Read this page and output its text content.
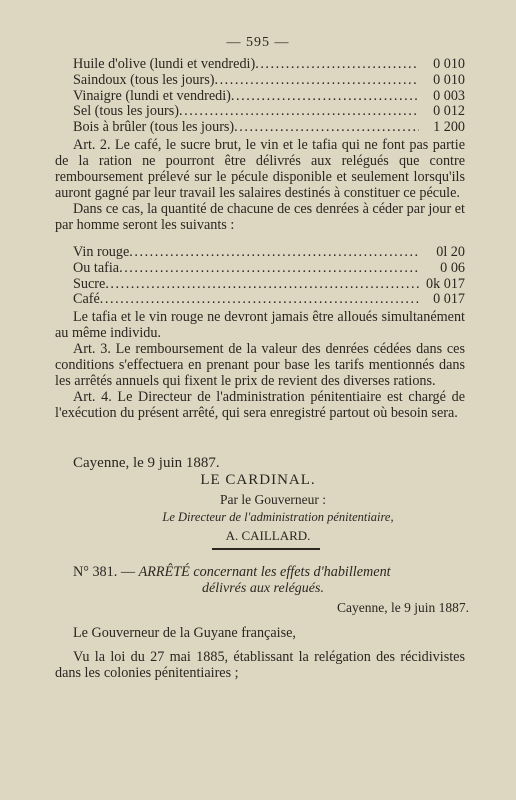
— 595 —
Huile d'olive (lundi et vendredi) . . .	0 010
Saindoux (tous les jours) . . .	0 010
Vinaigre (lundi et vendredi) . . .	0 003
Sel (tous les jours) . . .	0 012
Bois à brûler (tous les jours) . . .	1 200

Art. 2. Le café, le sucre brut, le vin et le tafia qui ne font pas partie de la ration ne pourront être délivrés aux relégués que contre remboursement prélevé sur le pécule disponible et seulement lorsqu'ils auront gagné par leur travail les salaires destinés à constituer ce pécule.

Dans ce cas, la quantité de chacune de ces denrées à céder par jour et par homme seront les suivants :

Vin rouge . . .	0l 20
Ou tafia . . .	0 06
Sucre . . .	0k 017
Café . . .	0 017

Le tafia et le vin rouge ne devront jamais être alloués simultanément au même individu.

Art. 3. Le remboursement de la valeur des denrées cédées dans ces conditions s'effectuera en prenant pour base les tarifs mentionnés dans les arrêtés annuels qui fixent le prix de revient des diverses rations.

Art. 4. Le Directeur de l'administration pénitentiaire est chargé de l'exécution du présent arrêté, qui sera enregistré partout où besoin sera.

Cayenne, le 9 juin 1887.

LE CARDINAL.
Par le Gouverneur :
Le Directeur de l'administration pénitentiaire,
A. CAILLARD.
N° 381. — ARRÊTÉ concernant les effets d'habillement
délivrés aux relégués.
Cayenne, le 9 juin 1887.
Le Gouverneur de la Guyane française,

Vu la loi du 27 mai 1885, établissant la relégation des récidivistes dans les colonies pénitentiaires ;
